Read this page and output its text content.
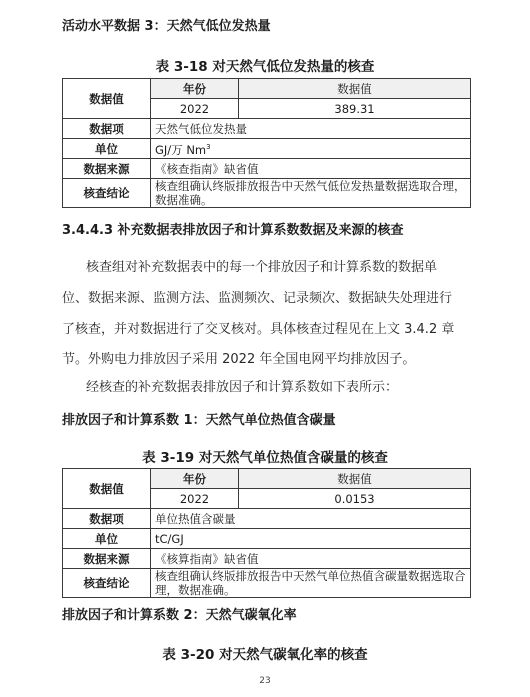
活动水平数据 3：天然气低位发热量
表 3-18 对天然气低位发热量的核查
数据值	年份	数据值
	2022	389.31
数据项	天然气低位发热量	
单位	GJ/万 Nm$^3$
数据来源	《核查指南》缺省值	
核查结论	核查组确认终版排放报告中天然气低位发热量数据选取合理，数据准确。	
3.4.4.3 补充数据表排放因子和计算系数数据及来源的核查
核查组对补充数据表中的每一个排放因子和计算系数的数据单
位、数据来源、监测方法、监测频次、记录频次、数据缺失处理进行
了核查，并对数据进行了交叉核对。具体核查过程见在上文 3.4.2 章
节。外购电力排放因子采用 2022 年全国电网平均排放因子。
经核查的补充数据表排放因子和计算系数如下表所示：
排放因子和计算系数 1：天然气单位热值含碳量
表 3-19 对天然气单位热值含碳量的核查
数据值	年份	数据值
	2022	0.0153
数据项	单位热值含碳量	
单位	tC/GJ	
数据来源	《核算指南》缺省值	
核查结论	核查组确认终版排放报告中天然气单位热值含碳量数据选取合理，数据准确。	
排放因子和计算系数 2：天然气碳氧化率
表 3-20 对天然气碳氧化率的核查
23
